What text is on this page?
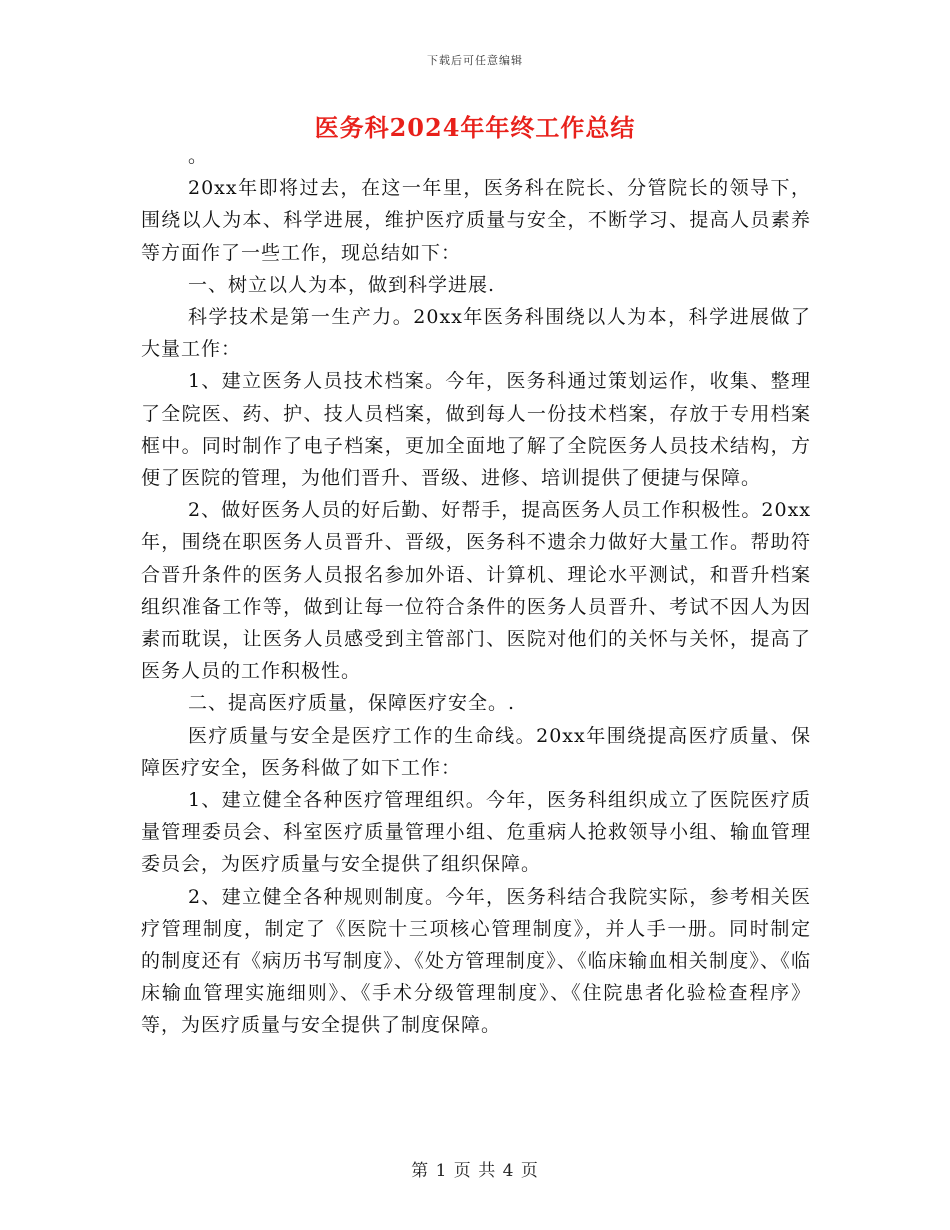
下载后可任意编辑
医务科2024年年终工作总结

。

20xx年即将过去，在这一年里，医务科在院长、分管院长的领导下，围绕以人为本、科学进展，维护医疗质量与安全，不断学习、提高人员素养等方面作了一些工作，现总结如下：

一、树立以人为本，做到科学进展.

科学技术是第一生产力。20xx年医务科围绕以人为本，科学进展做了大量工作：

1、建立医务人员技术档案。今年，医务科通过策划运作，收集、整理了全院医、药、护、技人员档案，做到每人一份技术档案，存放于专用档案框中。同时制作了电子档案，更加全面地了解了全院医务人员技术结构，方便了医院的管理，为他们晋升、晋级、进修、培训提供了便捷与保障。

2、做好医务人员的好后勤、好帮手，提高医务人员工作积极性。20xx年，围绕在职医务人员晋升、晋级，医务科不遗余力做好大量工作。帮助符合晋升条件的医务人员报名参加外语、计算机、理论水平测试，和晋升档案组织准备工作等，做到让每一位符合条件的医务人员晋升、考试不因人为因素而耽误，让医务人员感受到主管部门、医院对他们的关怀与关怀，提高了医务人员的工作积极性。

二、提高医疗质量，保障医疗安全。.

医疗质量与安全是医疗工作的生命线。20xx年围绕提高医疗质量、保障医疗安全，医务科做了如下工作：

1、建立健全各种医疗管理组织。今年，医务科组织成立了医院医疗质量管理委员会、科室医疗质量管理小组、危重病人抢救领导小组、输血管理委员会，为医疗质量与安全提供了组织保障。

2、建立健全各种规则制度。今年，医务科结合我院实际，参考相关医疗管理制度，制定了《医院十三项核心管理制度》，并人手一册。同时制定的制度还有《病历书写制度》、《处方管理制度》、《临床输血相关制度》、《临床输血管理实施细则》、《手术分级管理制度》、《住院患者化验检查程序》等，为医疗质量与安全提供了制度保障。

第 1 页 共 4 页
